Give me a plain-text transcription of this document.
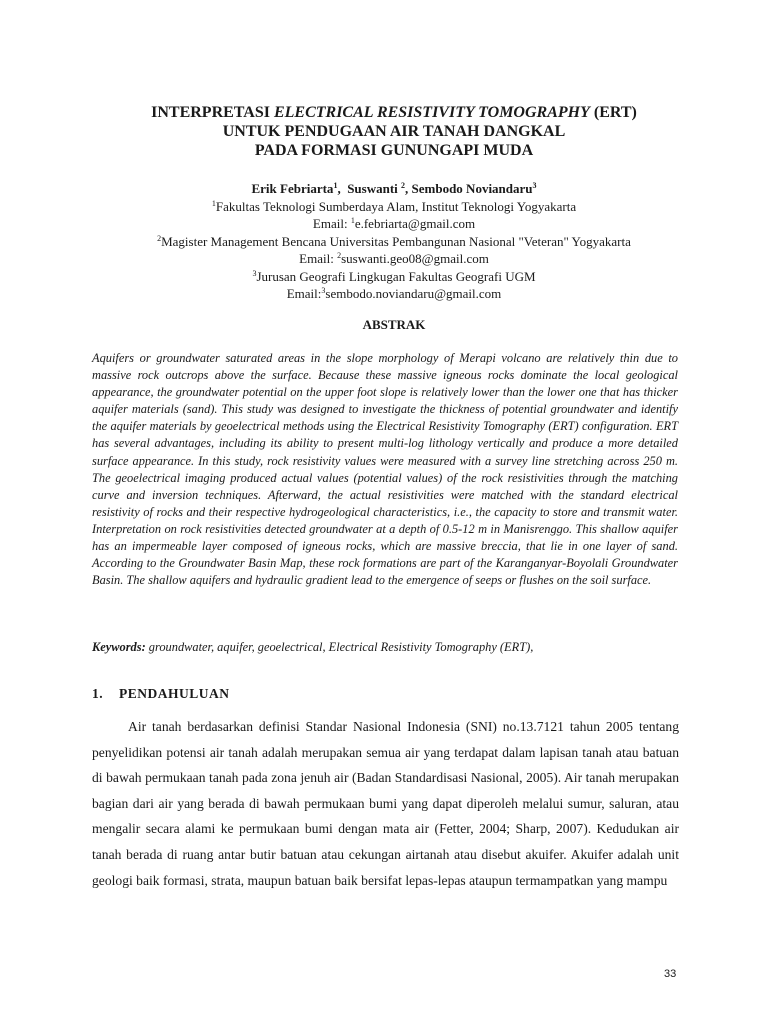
INTERPRETASI ELECTRICAL RESISTIVITY TOMOGRAPHY (ERT)
UNTUK PENDUGAAN AIR TANAH DANGKAL
PADA FORMASI GUNUNGAPI MUDA
Erik Febriarta$^1$,  Suswanti $^2$, Sembodo Noviandaru$^3$
$^1$Fakultas Teknologi Sumberdaya Alam, Institut Teknologi Yogyakarta
Email: $^1$e.febriarta@gmail.com
$^2$Magister Management Bencana Universitas Pembangunan Nasional "Veteran" Yogyakarta
Email: $^2$suswanti.geo08@gmail.com
$^3$Jurusan Geografi Lingkugan Fakultas Geografi UGM
Email:$^3$sembodo.noviandaru@gmail.com
ABSTRAK

Aquifers or groundwater saturated areas in the slope morphology of Merapi volcano are relatively thin due to massive rock outcrops above the surface. Because these massive igneous rocks dominate the local geological appearance, the groundwater potential on the upper foot slope is relatively lower than the lower one that has thicker aquifer materials (sand). This study was designed to investigate the thickness of potential groundwater and identify the aquifer materials by geoelectrical methods using the Electrical Resistivity Tomography (ERT) configuration. ERT has several advantages, including its ability to present multi-log lithology vertically and produce a more detailed surface appearance. In this study, rock resistivity values were measured with a survey line stretching across 250 m. The geoelectrical imaging produced actual values (potential values) of the rock resistivities through the matching curve and inversion techniques. Afterward, the actual resistivities were matched with the standard electrical resistivity of rocks and their respective hydrogeological characteristics, i.e., the capacity to store and transmit water. Interpretation on rock resistivities detected groundwater at a depth of 0.5-12 m in Manisrenggo. This shallow aquifer has an impermeable layer composed of igneous rocks, which are massive breccia, that lie in one layer of sand. According to the Groundwater Basin Map, these rock formations are part of the Karanganyar-Boyolali Groundwater Basin. The shallow aquifers and hydraulic gradient lead to the emergence of seeps or flushes on the soil surface.

Keywords: groundwater, aquifer, geoelectrical, Electrical Resistivity Tomography (ERT),
1. PENDAHULUAN

Air tanah berdasarkan definisi Standar Nasional Indonesia (SNI) no.13.7121 tahun 2005 tentang penyelidikan potensi air tanah adalah merupakan semua air yang terdapat dalam lapisan tanah atau batuan di bawah permukaan tanah pada zona jenuh air (Badan Standardisasi Nasional, 2005). Air tanah merupakan bagian dari air yang berada di bawah permukaan bumi yang dapat diperoleh melalui sumur, saluran, atau mengalir secara alami ke permukaan bumi dengan mata air (Fetter, 2004; Sharp, 2007). Kedudukan air tanah berada di ruang antar butir batuan atau cekungan airtanah atau disebut akuifer. Akuifer adalah unit geologi baik formasi, strata, maupun batuan baik bersifat lepas-lepas ataupun termampatkan yang mampu

33
